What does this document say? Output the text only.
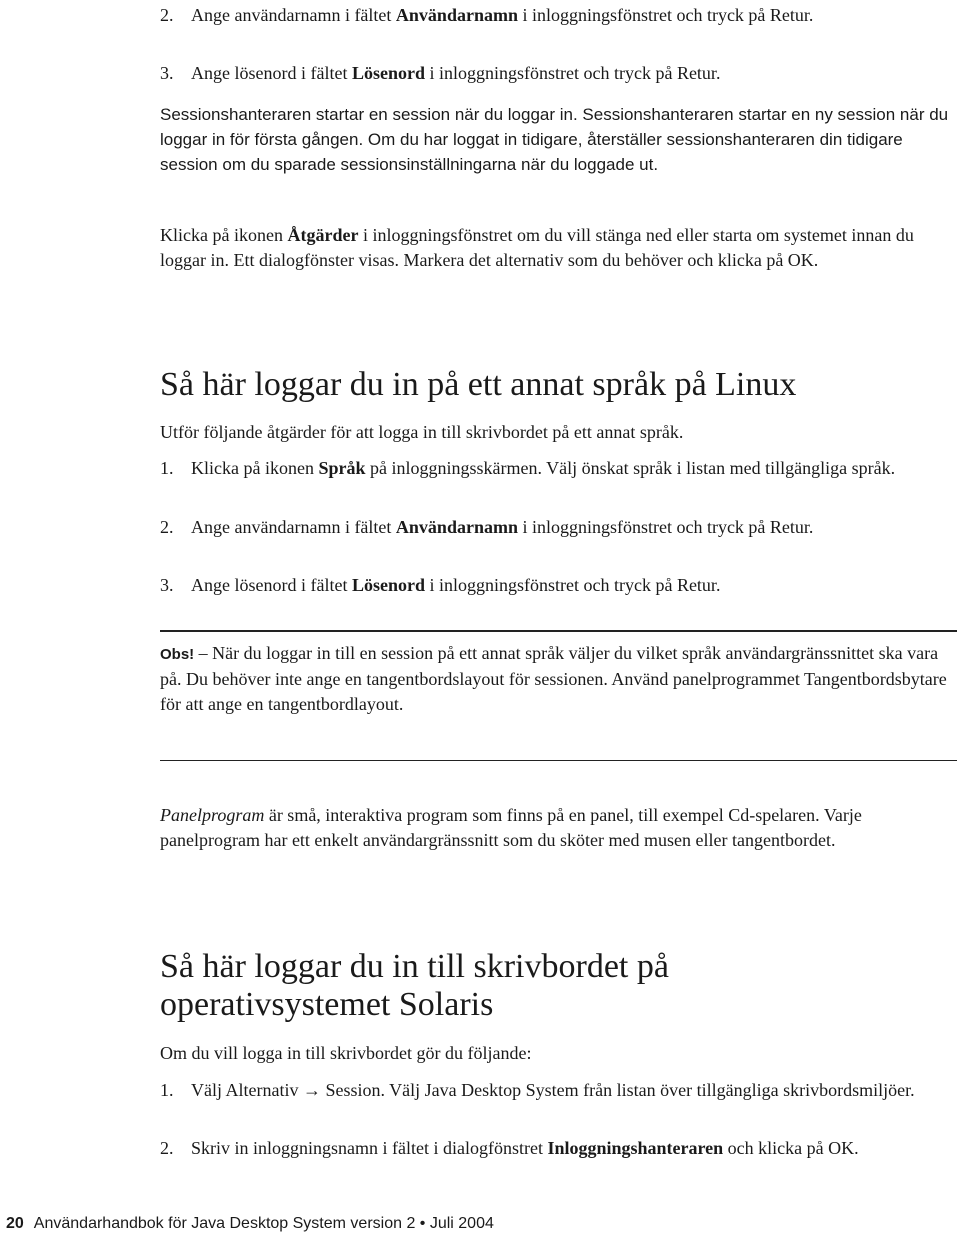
2. Ange användarnamn i fältet Användarnamn i inloggningsfönstret och tryck på Retur.
3. Ange lösenord i fältet Lösenord i inloggningsfönstret och tryck på Retur.
Sessionshanteraren startar en session när du loggar in. Sessionshanteraren startar en ny session när du loggar in för första gången. Om du har loggat in tidigare, återställer sessionshanteraren din tidigare session om du sparade sessionsinställningarna när du loggade ut.
Klicka på ikonen Åtgärder i inloggningsfönstret om du vill stänga ned eller starta om systemet innan du loggar in. Ett dialogfönster visas. Markera det alternativ som du behöver och klicka på OK.
Så här loggar du in på ett annat språk på Linux
Utför följande åtgärder för att logga in till skrivbordet på ett annat språk.
1. Klicka på ikonen Språk på inloggningsskärmen. Välj önskat språk i listan med tillgängliga språk.
2. Ange användarnamn i fältet Användarnamn i inloggningsfönstret och tryck på Retur.
3. Ange lösenord i fältet Lösenord i inloggningsfönstret och tryck på Retur.
Obs! – När du loggar in till en session på ett annat språk väljer du vilket språk användargränssnittet ska vara på. Du behöver inte ange en tangentbordslayout för sessionen. Använd panelprogrammet Tangentbordsbytare för att ange en tangentbordlayout.
Panelprogram är små, interaktiva program som finns på en panel, till exempel Cd-spelaren. Varje panelprogram har ett enkelt användargränssnitt som du sköter med musen eller tangentbordet.
Så här loggar du in till skrivbordet på operativsystemet Solaris
Om du vill logga in till skrivbordet gör du följande:
1. Välj Alternativ → Session. Välj Java Desktop System från listan över tillgängliga skrivbordsmiljöer.
2. Skriv in inloggningsnamn i fältet i dialogfönstret Inloggningshanteraren och klicka på OK.
20 Användarhandbok för Java Desktop System version 2 • Juli 2004
